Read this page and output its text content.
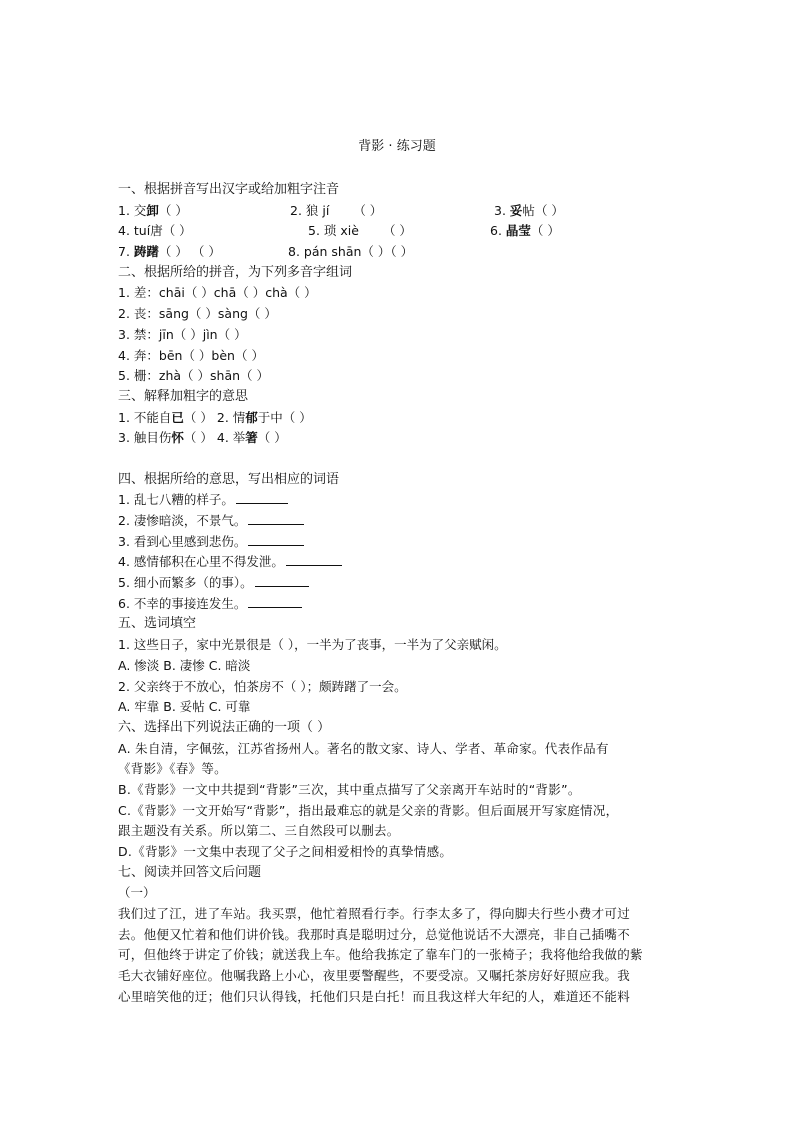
背影 · 练习题
一、根据拼音写出汉字或给加粗字注音
1. 交卸（ ）	2. 狼 jí （ ）	3. 妥帖（ ）
4. tuí唐（ ）	5. 琐 xiè （ ）	6. 晶莹（ ）
7. 踌躇（ ） （ ）	8. pán shān（ ）（ ）
二、根据所给的拼音，为下列多音字组词
1. 差：chāi（ ）chā（ ）chà（ ）
2. 丧：sāng（ ）sàng（ ）
3. 禁：jīn（ ）jìn（ ）
4. 奔：bēn（ ）bèn（ ）
5. 栅：zhà（ ）shān（ ）
三、解释加粗字的意思
1. 不能自已（ ） 2. 情郁于中（ ）
3. 触目伤怀（ ） 4. 举箸（ ）
四、根据所给的意思，写出相应的词语
1. 乱七八糟的样子。
2. 凄惨暗淡，不景气。
3. 看到心里感到悲伤。
4. 感情郁积在心里不得发泄。
5. 细小而繁多（的事）。
6. 不幸的事接连发生。
五、选词填空
1. 这些日子，家中光景很是（ ），一半为了丧事，一半为了父亲赋闲。
A. 惨淡 B. 凄惨 C. 暗淡
2. 父亲终于不放心，怕茶房不（ ）；颇踌躇了一会。
A. 牢靠 B. 妥帖 C. 可靠
六、选择出下列说法正确的一项（ ）
A. 朱自清，字佩弦，江苏省扬州人。著名的散文家、诗人、学者、革命家。代表作品有
《背影》《春》等。
B.《背影》一文中共提到“背影”三次，其中重点描写了父亲离开车站时的“背影”。
C.《背影》一文开始写“背影”，指出最难忘的就是父亲的背影。但后面展开写家庭情况，
跟主题没有关系。所以第二、三自然段可以删去。
D.《背影》一文集中表现了父子之间相爱相怜的真挚情感。
七、阅读并回答文后问题
（一）
我们过了江，进了车站。我买票，他忙着照看行李。行李太多了，得向脚夫行些小费才可过
去。他便又忙着和他们讲价钱。我那时真是聪明过分，总觉他说话不大漂亮，非自己插嘴不
可，但他终于讲定了价钱；就送我上车。他给我拣定了靠车门的一张椅子；我将他给我做的紫
毛大衣铺好座位。他嘱我路上小心，夜里要警醒些，不要受凉。又嘱托茶房好好照应我。我
心里暗笑他的迂；他们只认得钱，托他们只是白托！而且我这样大年纪的人，难道还不能料
